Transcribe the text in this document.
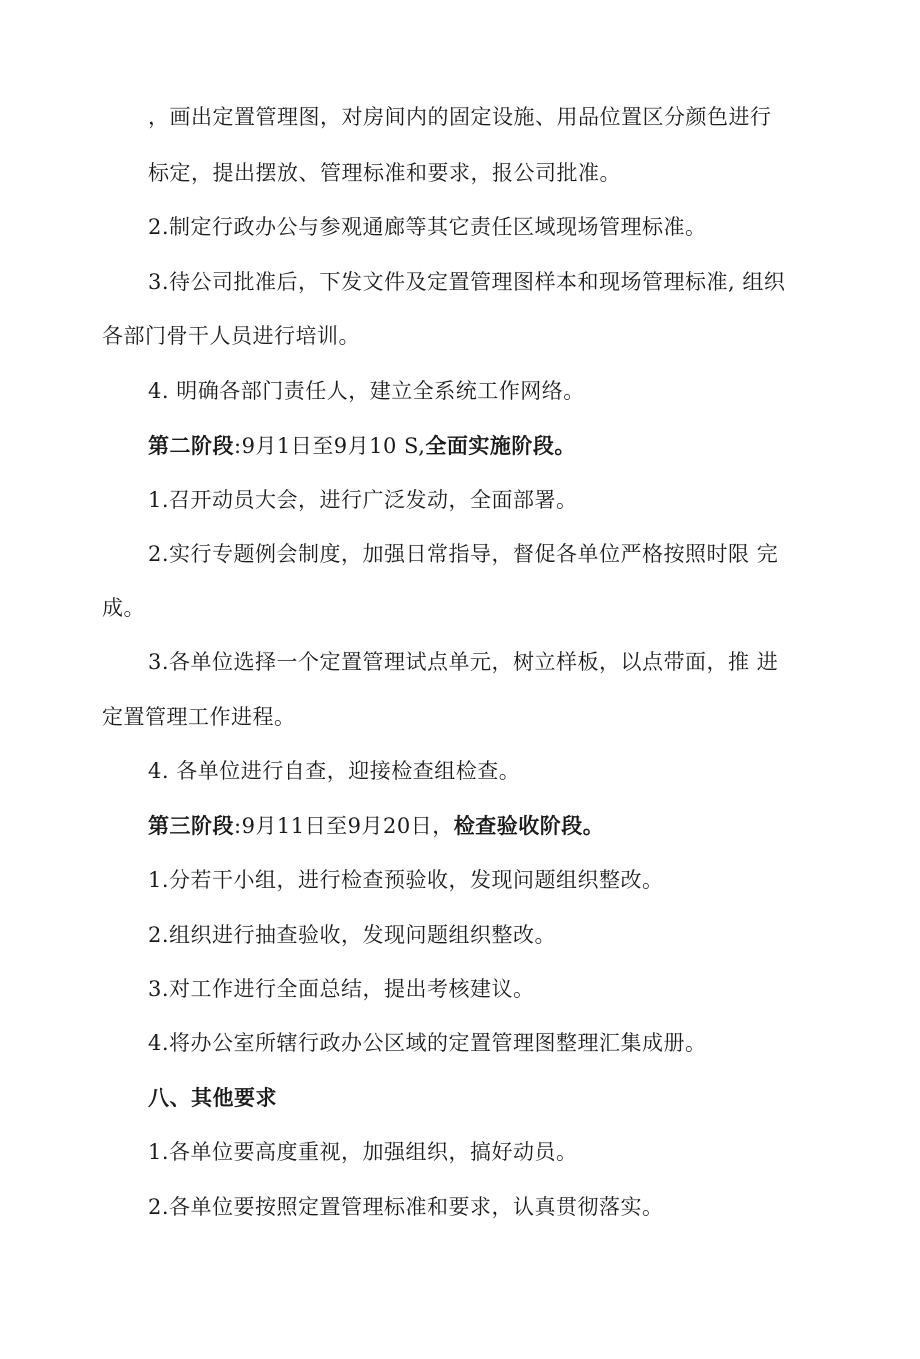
，画出定置管理图，对房间内的固定设施、用品位置区分颜色进行
标定，提出摆放、管理标准和要求，报公司批准。
2.制定行政办公与参观通廊等其它责任区域现场管理标准。
3.待公司批准后，下发文件及定置管理图样本和现场管理标准, 组织
各部门骨干人员进行培训。
4. 明确各部门责任人，建立全系统工作网络。
第二阶段:9月1日至9月10 S,全面实施阶段。
1.召开动员大会，进行广泛发动，全面部署。
2.实行专题例会制度，加强日常指导，督促各单位严格按照时限 完
成。
3.各单位选择一个定置管理试点单元，树立样板，以点带面，推 进
定置管理工作进程。
4. 各单位进行自查，迎接检查组检查。
第三阶段:9月11日至9月20日，检查验收阶段。
1.分若干小组，进行检查预验收，发现问题组织整改。
2.组织进行抽查验收，发现问题组织整改。
3.对工作进行全面总结，提出考核建议。
4.将办公室所辖行政办公区域的定置管理图整理汇集成册。
八、其他要求
1.各单位要高度重视，加强组织，搞好动员。
2.各单位要按照定置管理标准和要求，认真贯彻落实。
